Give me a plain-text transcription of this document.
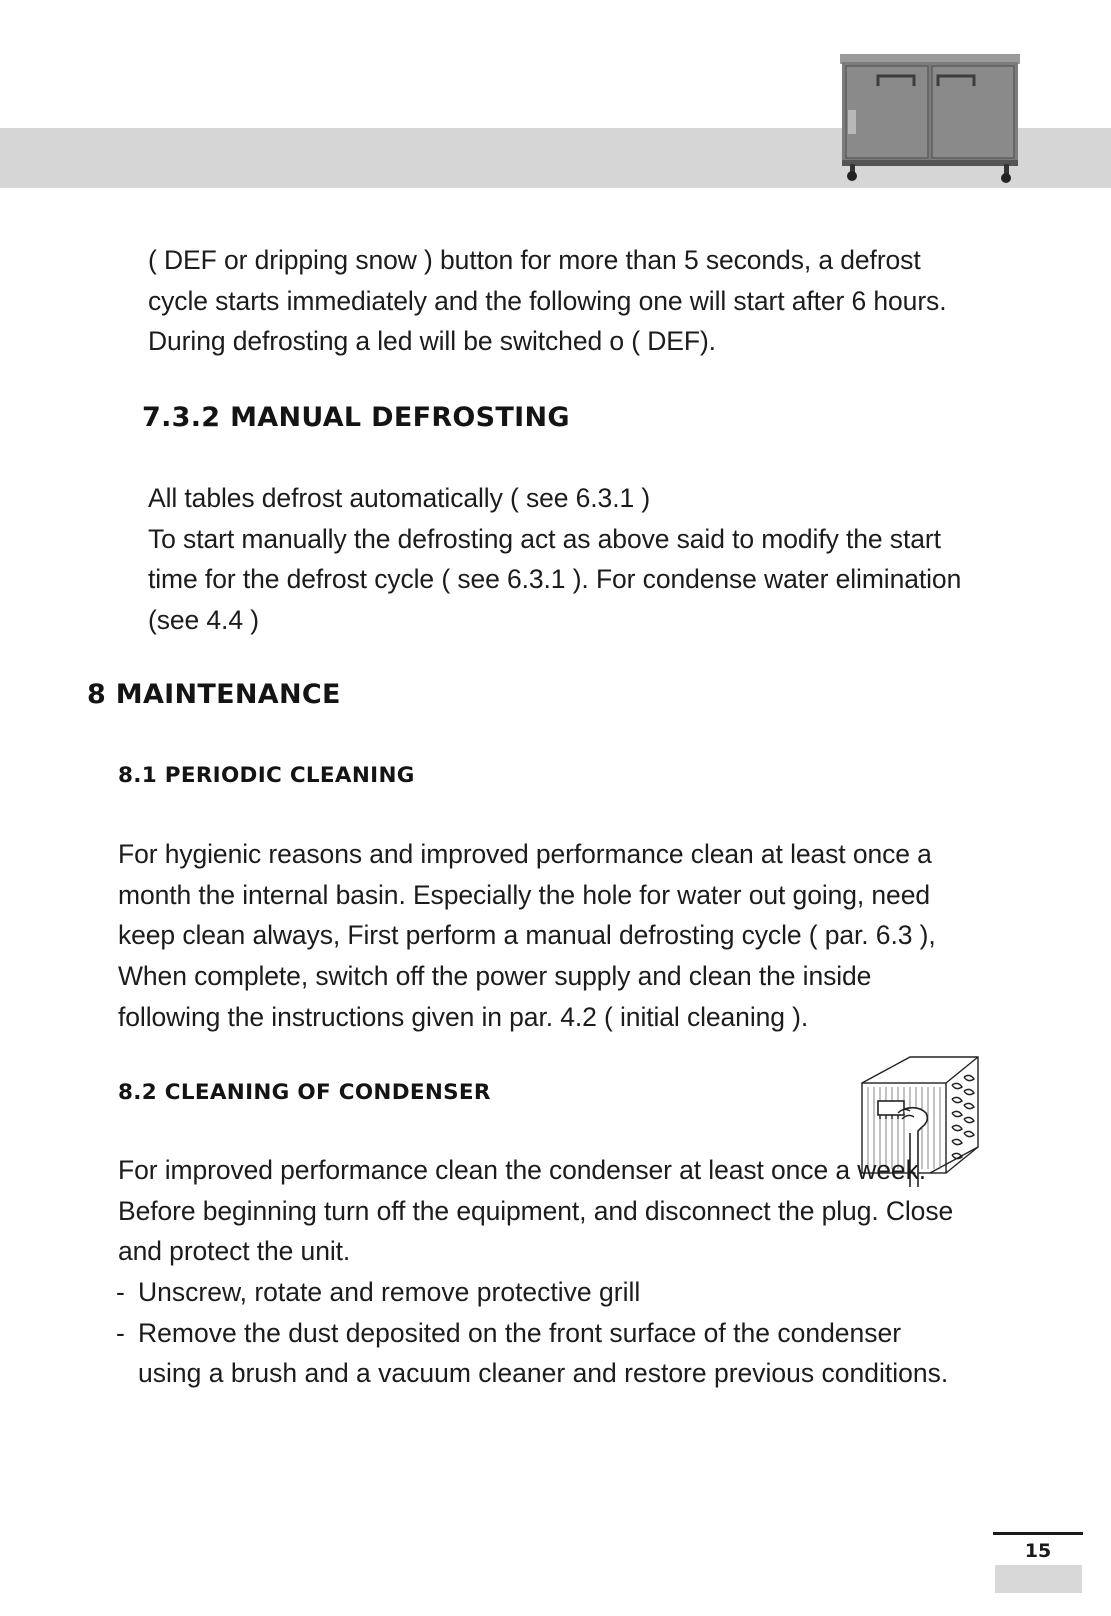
( DEF or dripping snow ) button for more than 5 seconds, a defrost
cycle starts immediately and the following one will start after 6 hours.
During defrosting a led will be switched o ( DEF).
7.3.2 MANUAL DEFROSTING
All tables defrost automatically ( see 6.3.1 )
To start manually the defrosting act as above said to modify the start
time for the defrost cycle ( see 6.3.1 ). For condense water elimination
(see 4.4 )
8 MAINTENANCE
8.1 PERIODIC CLEANING
For hygienic reasons and improved performance clean at least once a
month the internal basin. Especially the hole for water out going, need
keep clean always, First perform a manual defrosting cycle ( par. 6.3 ),
When complete, switch off the power supply and clean the inside
following the instructions given in par. 4.2 ( initial cleaning ).
8.2 CLEANING OF CONDENSER
For improved performance clean the condenser at least once a week.
Before beginning turn off the equipment, and disconnect the plug. Close
and protect the unit.
- Unscrew, rotate and remove protective grill
- Remove the dust deposited on the front surface of the condenser
using a brush and a vacuum cleaner and restore previous conditions.
15
